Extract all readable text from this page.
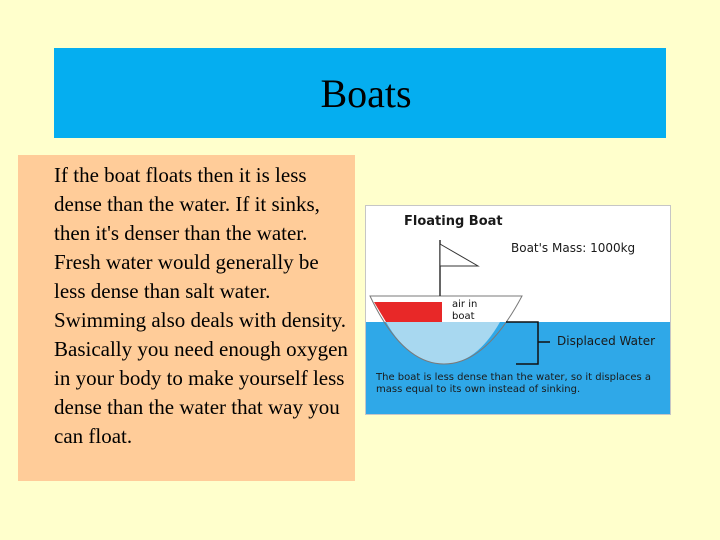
Boats

If the boat floats then it is less dense than the water. If it sinks, then it's denser than the water. Fresh water would generally be less dense than salt water. Swimming also deals with density. Basically you need enough oxygen in your body to make yourself less dense than the water that way you can float.

Floating Boat
Boat's Mass: 1000kg
air in boat
Displaced Water
The boat is less dense than the water, so it displaces a mass equal to its own instead of sinking.
